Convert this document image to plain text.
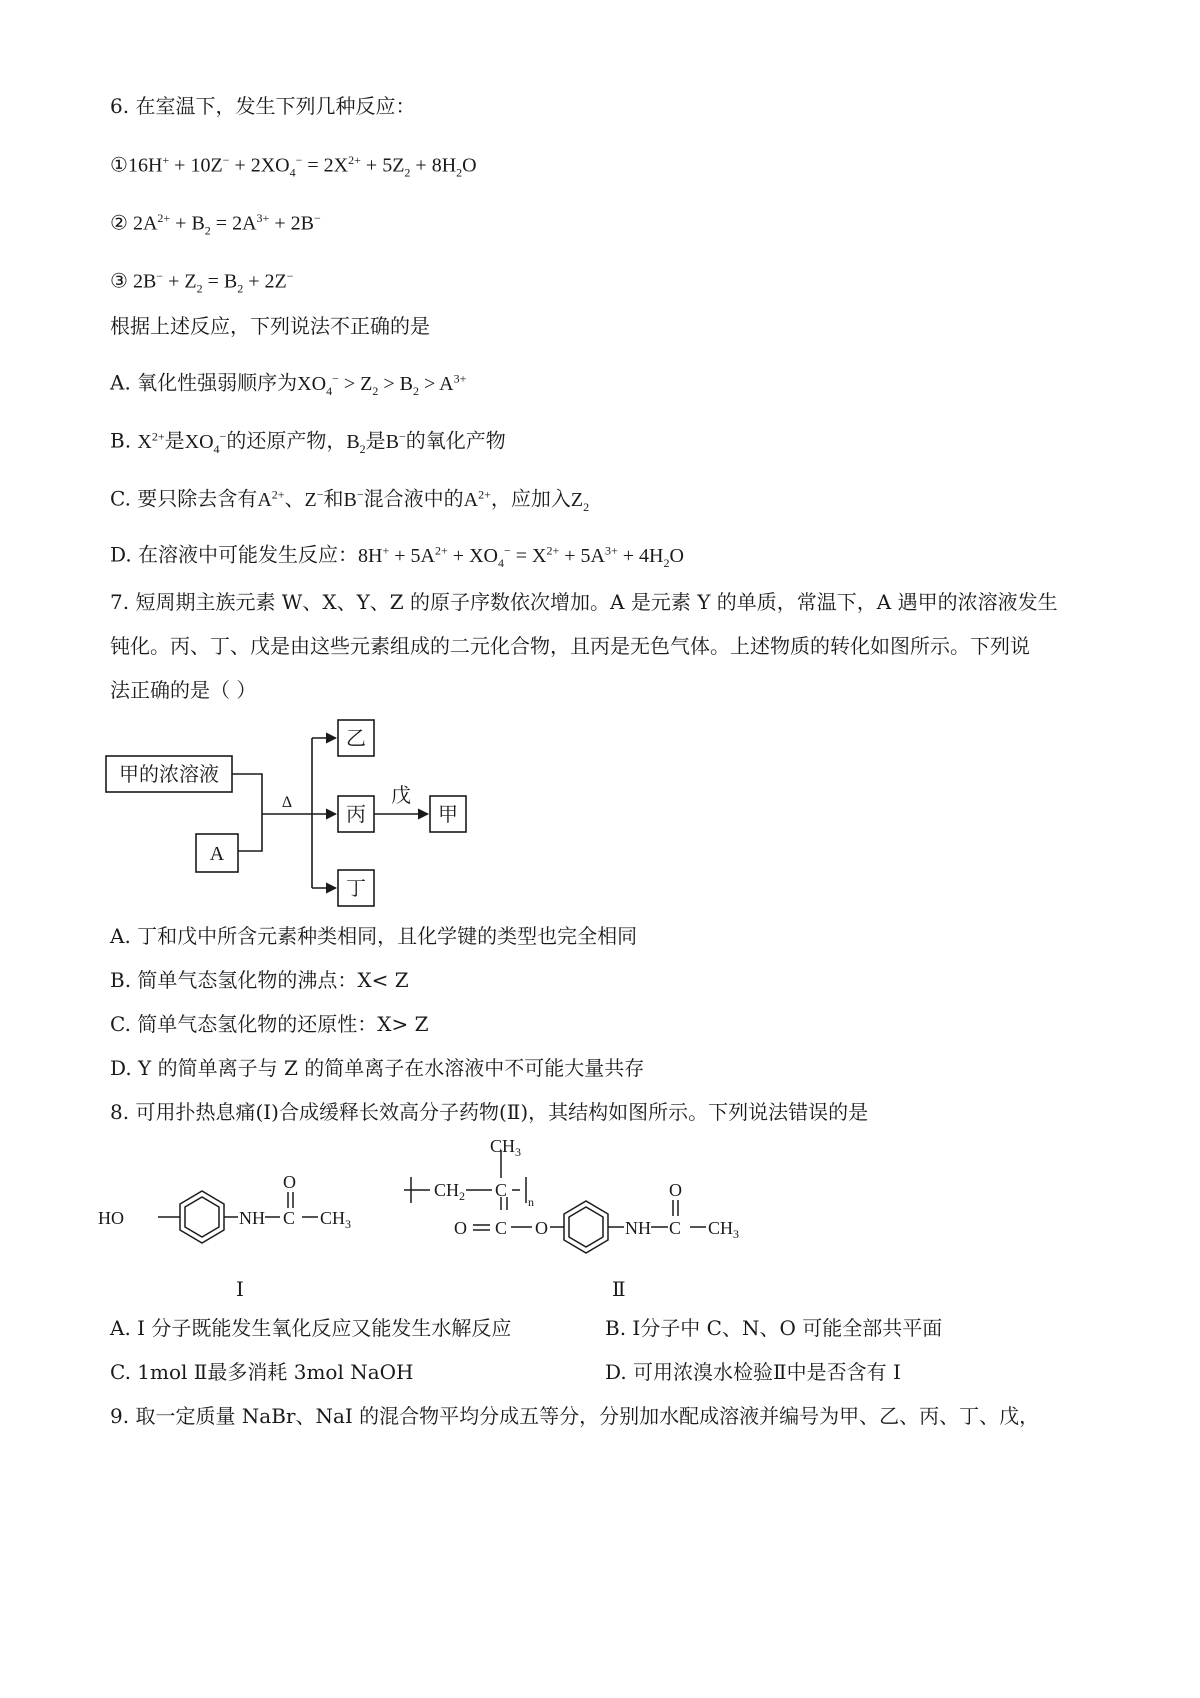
6. 在室温下，发生下列几种反应：
①16H+ + $10Z^- + 2XO_4^- = 2X^{2+} + 5Z_2 + 8H_2O$
② $2A^{2+} + B_2 = 2A^{3+} + 2B^-$
③ $2B^- + Z_2 = B_2 + 2Z^-$
根据上述反应，下列说法不正确的是
A. 氧化性强弱顺序为$XO_4^- > Z_2 > B_2 > A^{3+}$
B. $X^{2+}$是$XO_4^-$的还原产物，$B_2$是B−的氧化产物
C. 要只除去含有$A^{2+}$、Z−和B−混合液中的$A^{2+}$，应加入$Z_2$
D. 在溶液中可能发生反应：$8H^+ + 5A^{2+} + XO_4^- = X^{2+} + 5A^{3+} + 4H_2O$
7. 短周期主族元素 W、X、Y、Z 的原子序数依次增加。A 是元素 Y 的单质，常温下，A 遇甲的浓溶液发生
钝化。丙、丁、戊是由这些元素组成的二元化合物，且丙是无色气体。上述物质的转化如图所示。下列说
法正确的是（ ）
甲的浓溶液
A
Δ
乙
丙	甲
丁
戊
A. 丁和戊中所含元素种类相同，且化学键的类型也完全相同
B. 简单气态氢化物的沸点：X< Z
C. 简单气态氢化物的还原性：X> Z
D. Y 的简单离子与 Z 的简单离子在水溶液中不可能大量共存
8. 可用扑热息痛(Ⅰ)合成缓释长效高分子药物(Ⅱ)，其结构如图所示。下列说法错误的是
HO	NH C
O
$CH_3$
$CH_3$
$CH_2$ C
n
O C O	NH C
O
$CH_3$
Ⅰ	Ⅱ
A. I 分子既能发生氧化反应又能发生水解反应	B. Ⅰ分子中 C、N、O 可能全部共平面
C. 1mol Ⅱ最多消耗 3mol NaOH	D. 可用浓溴水检验Ⅱ中是否含有 I
9. 取一定质量 NaBr、NaI 的混合物平均分成五等分，分别加水配成溶液并编号为甲、乙、丙、丁、戊，
